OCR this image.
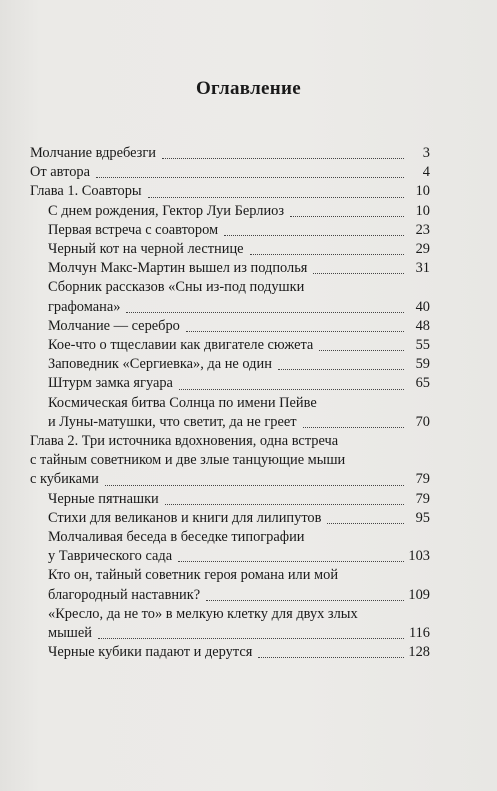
Оглавление
Молчание вдребезги	3
От автора	4
Глава 1. Соавторы	10
С днем рождения, Гектор Луи Берлиоз	10
Первая встреча с соавтором	23
Черный кот на черной лестнице	29
Молчун Макс-Мартин вышел из подполья	31
Сборник рассказов «Сны из-под подушки
графомана»	40
Молчание — серебро	48
Кое-что о тщеславии как двигателе сюжета	55
Заповедник «Сергиевка», да не один	59
Штурм замка ягуара	65
Космическая битва Солнца по имени Пейве
и Луны-матушки, что светит, да не греет	70
Глава 2. Три источника вдохновения, одна встреча
с тайным советником и две злые танцующие мыши
с кубиками	79
Черные пятнашки	79
Стихи для великанов и книги для лилипутов	95
Молчаливая беседа в беседке типографии
у Таврического сада	103
Кто он, тайный советник героя романа или мой
благородный наставник?	109
«Кресло, да не то» в мелкую клетку для двух злых
мышей	116
Черные кубики падают и дерутся	128
